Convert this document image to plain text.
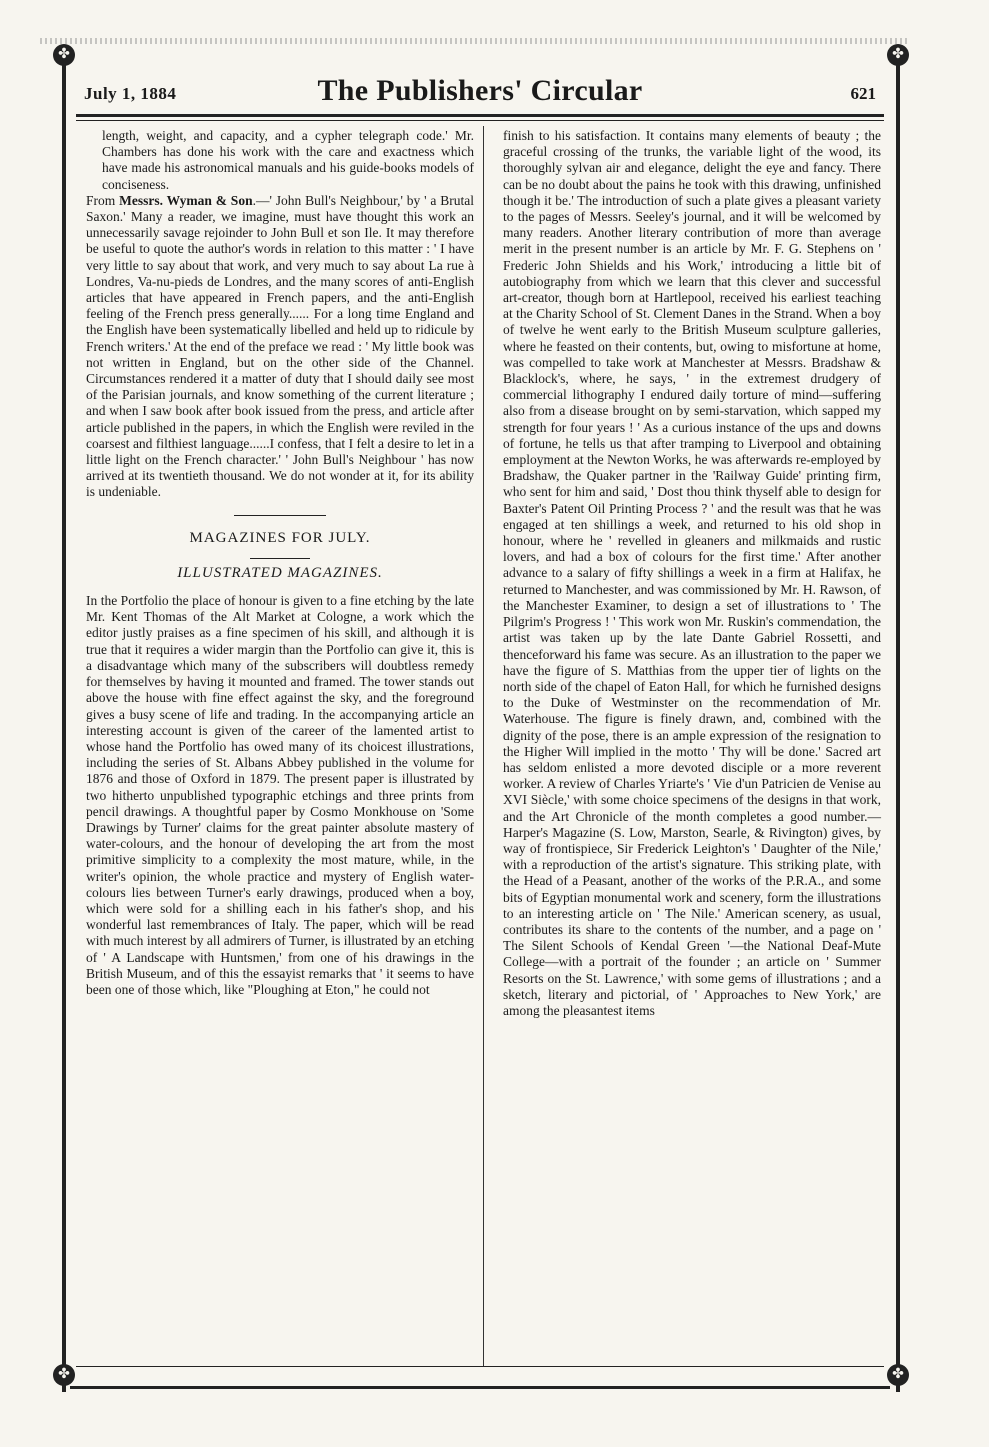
✤	✤
✤	✤
July 1, 1884	The Publishers' Circular	621

length, weight, and capacity, and a cypher telegraph code.' Mr. Chambers has done his work with the care and exactness which have made his astronomical manuals and his guide-books models of conciseness.

From Messrs. Wyman & Son.—' John Bull's Neighbour,' by ' a Brutal Saxon.' Many a reader, we imagine, must have thought this work an unnecessarily savage rejoinder to John Bull et son Ile. It may therefore be useful to quote the author's words in relation to this matter : ' I have very little to say about that work, and very much to say about La rue à Londres, Va-nu-pieds de Londres, and the many scores of anti-English articles that have appeared in French papers, and the anti-English feeling of the French press generally...... For a long time England and the English have been systematically libelled and held up to ridicule by French writers.' At the end of the preface we read : ' My little book was not written in England, but on the other side of the Channel. Circumstances rendered it a matter of duty that I should daily see most of the Parisian journals, and know something of the current literature ; and when I saw book after book issued from the press, and article after article published in the papers, in which the English were reviled in the coarsest and filthiest language......I confess, that I felt a desire to let in a little light on the French character.' ' John Bull's Neighbour ' has now arrived at its twentieth thousand. We do not wonder at it, for its ability is undeniable.

MAGAZINES FOR JULY.
ILLUSTRATED MAGAZINES.

In the Portfolio the place of honour is given to a fine etching by the late Mr. Kent Thomas of the Alt Market at Cologne, a work which the editor justly praises as a fine specimen of his skill, and although it is true that it requires a wider margin than the Portfolio can give it, this is a disadvantage which many of the subscribers will doubtless remedy for themselves by having it mounted and framed. The tower stands out above the house with fine effect against the sky, and the foreground gives a busy scene of life and trading. In the accompanying article an interesting account is given of the career of the lamented artist to whose hand the Portfolio has owed many of its choicest illustrations, including the series of St. Albans Abbey published in the volume for 1876 and those of Oxford in 1879. The present paper is illustrated by two hitherto unpublished typographic etchings and three prints from pencil drawings. A thoughtful paper by Cosmo Monkhouse on 'Some Drawings by Turner' claims for the great painter absolute mastery of water-colours, and the honour of developing the art from the most primitive simplicity to a complexity the most mature, while, in the writer's opinion, the whole practice and mystery of English water-colours lies between Turner's early drawings, produced when a boy, which were sold for a shilling each in his father's shop, and his wonderful last remembrances of Italy. The paper, which will be read with much interest by all admirers of Turner, is illustrated by an etching of ' A Landscape with Huntsmen,' from one of his drawings in the British Museum, and of this the essayist remarks that ' it seems to have been one of those which, like "Ploughing at Eton," he could not

finish to his satisfaction. It contains many elements of beauty ; the graceful crossing of the trunks, the variable light of the wood, its thoroughly sylvan air and elegance, delight the eye and fancy. There can be no doubt about the pains he took with this drawing, unfinished though it be.' The introduction of such a plate gives a pleasant variety to the pages of Messrs. Seeley's journal, and it will be welcomed by many readers. Another literary contribution of more than average merit in the present number is an article by Mr. F. G. Stephens on ' Frederic John Shields and his Work,' introducing a little bit of autobiography from which we learn that this clever and successful art-creator, though born at Hartlepool, received his earliest teaching at the Charity School of St. Clement Danes in the Strand. When a boy of twelve he went early to the British Museum sculpture galleries, where he feasted on their contents, but, owing to misfortune at home, was compelled to take work at Manchester at Messrs. Bradshaw & Blacklock's, where, he says, ' in the extremest drudgery of commercial lithography I endured daily torture of mind—suffering also from a disease brought on by semi-starvation, which sapped my strength for four years ! ' As a curious instance of the ups and downs of fortune, he tells us that after tramping to Liverpool and obtaining employment at the Newton Works, he was afterwards re-employed by Bradshaw, the Quaker partner in the 'Railway Guide' printing firm, who sent for him and said, ' Dost thou think thyself able to design for Baxter's Patent Oil Printing Process ? ' and the result was that he was engaged at ten shillings a week, and returned to his old shop in honour, where he ' revelled in gleaners and milkmaids and rustic lovers, and had a box of colours for the first time.' After another advance to a salary of fifty shillings a week in a firm at Halifax, he returned to Manchester, and was commissioned by Mr. H. Rawson, of the Manchester Examiner, to design a set of illustrations to ' The Pilgrim's Progress ! ' This work won Mr. Ruskin's commendation, the artist was taken up by the late Dante Gabriel Rossetti, and thenceforward his fame was secure. As an illustration to the paper we have the figure of S. Matthias from the upper tier of lights on the north side of the chapel of Eaton Hall, for which he furnished designs to the Duke of Westminster on the recommendation of Mr. Waterhouse. The figure is finely drawn, and, combined with the dignity of the pose, there is an ample expression of the resignation to the Higher Will implied in the motto ' Thy will be done.' Sacred art has seldom enlisted a more devoted disciple or a more reverent worker. A review of Charles Yriarte's ' Vie d'un Patricien de Venise au XVI Siècle,' with some choice specimens of the designs in that work, and the Art Chronicle of the month completes a good number.—Harper's Magazine (S. Low, Marston, Searle, & Rivington) gives, by way of frontispiece, Sir Frederick Leighton's ' Daughter of the Nile,' with a reproduction of the artist's signature. This striking plate, with the Head of a Peasant, another of the works of the P.R.A., and some bits of Egyptian monumental work and scenery, form the illustrations to an interesting article on ' The Nile.' American scenery, as usual, contributes its share to the contents of the number, and a page on ' The Silent Schools of Kendal Green '—the National Deaf-Mute College—with a portrait of the founder ; an article on ' Summer Resorts on the St. Lawrence,' with some gems of illustrations ; and a sketch, literary and pictorial, of ' Approaches to New York,' are among the pleasantest items
